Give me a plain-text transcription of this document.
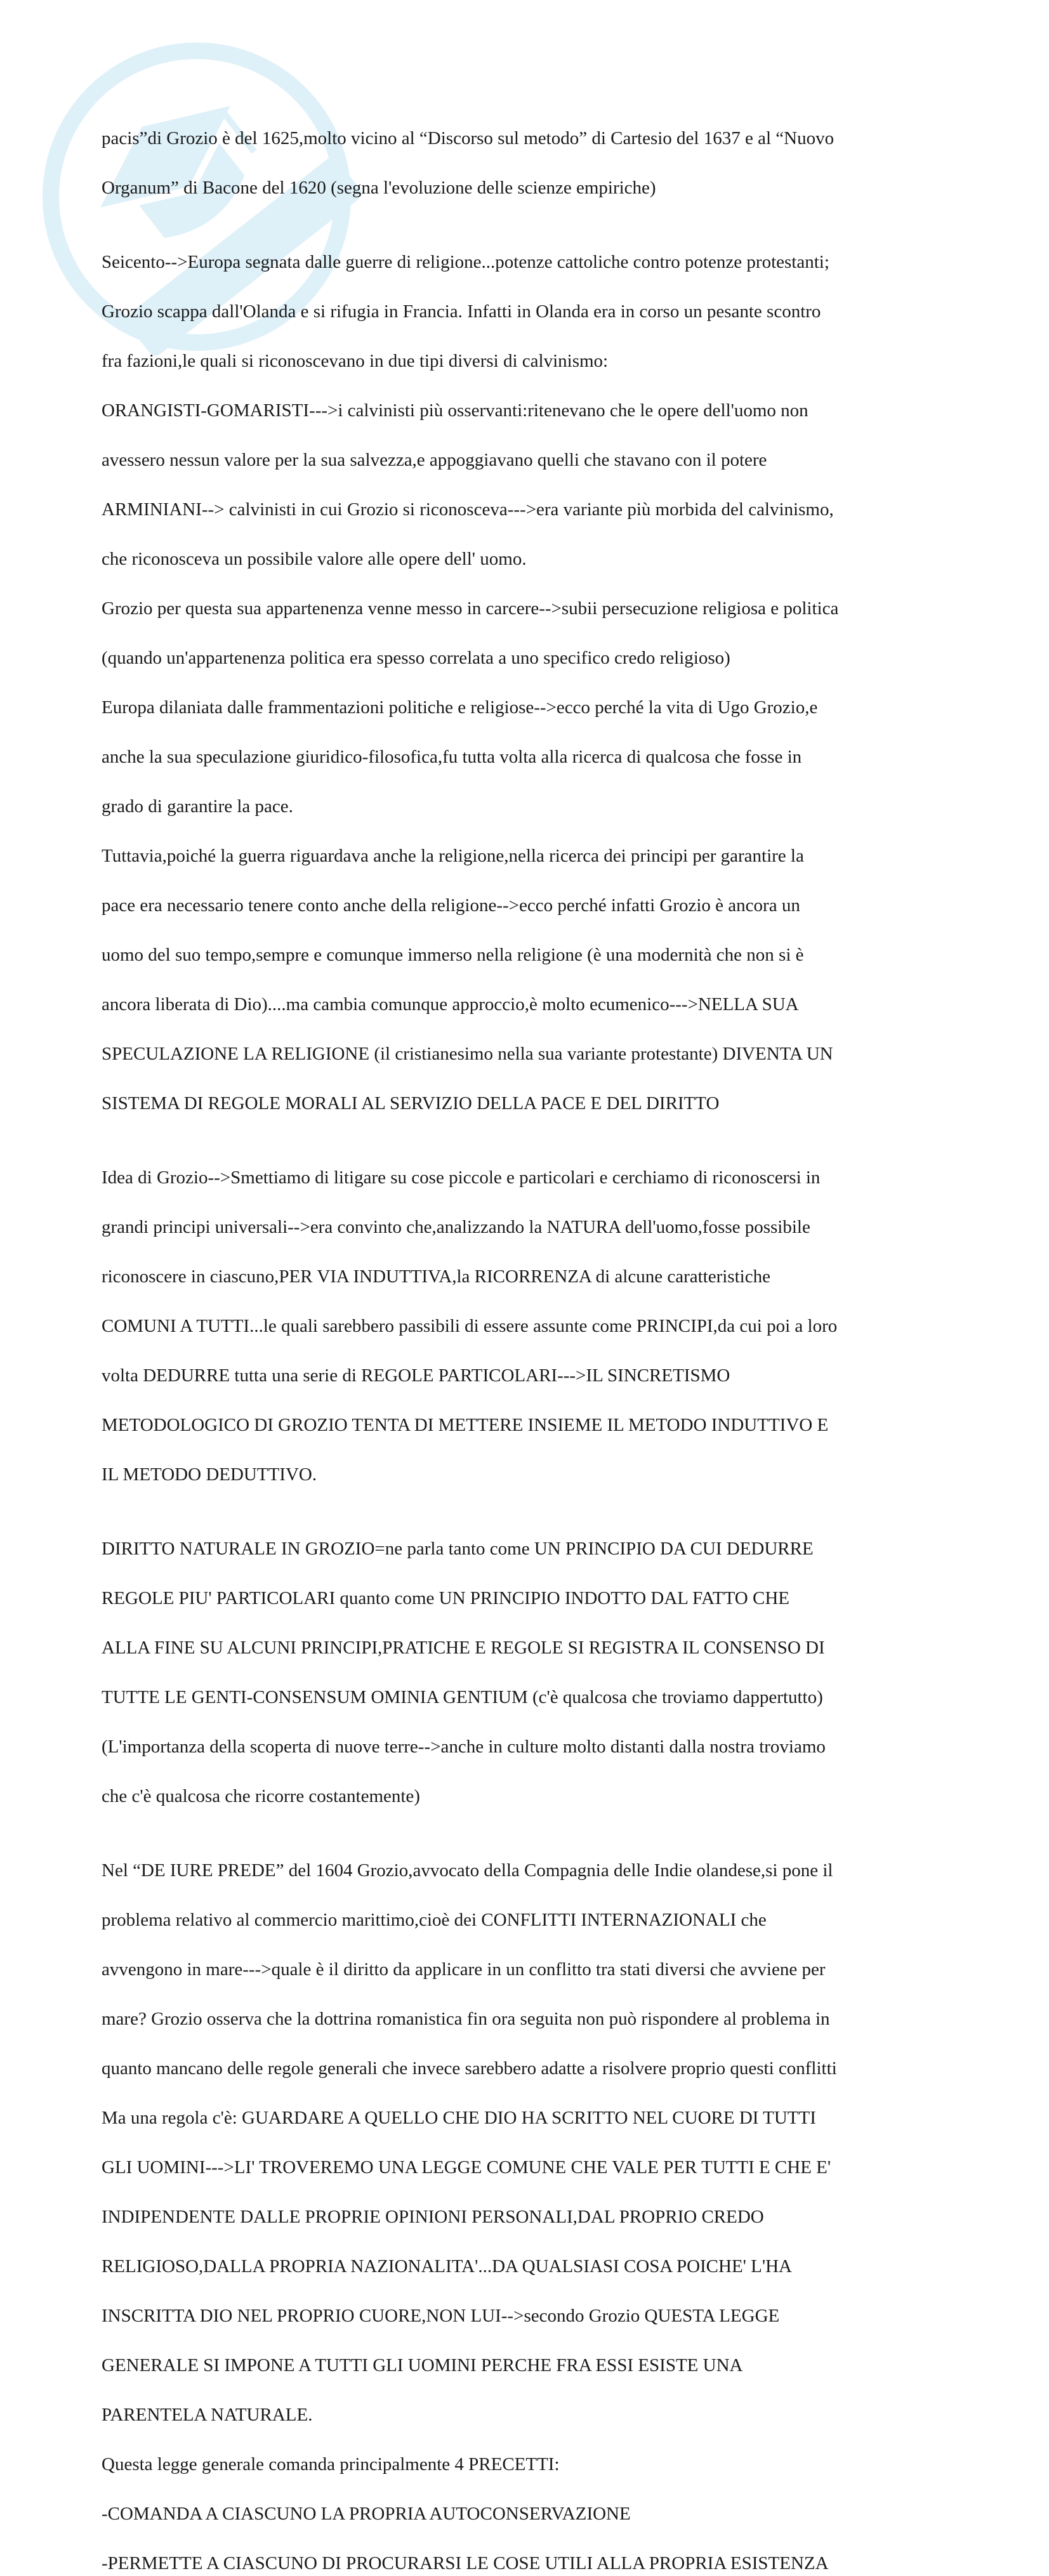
pacis”di Grozio è del 1625,molto vicino al “Discorso sul metodo” di Cartesio del 1637 e al “Nuovo

Organum” di Bacone del 1620 (segna l'evoluzione delle scienze empiriche)

Seicento-->Europa segnata dalle guerre di religione...potenze cattoliche contro potenze protestanti;

Grozio scappa dall'Olanda e si rifugia in Francia. Infatti in Olanda era in corso un pesante scontro

fra fazioni,le quali si riconoscevano in due tipi diversi di calvinismo:

ORANGISTI-GOMARISTI--->i calvinisti più osservanti:ritenevano che le opere dell'uomo non

avessero nessun valore per la sua salvezza,e appoggiavano quelli che stavano con il potere

ARMINIANI--> calvinisti in cui Grozio si riconosceva--->era variante più morbida del calvinismo,

che riconosceva un possibile valore alle opere dell' uomo.

Grozio per questa sua appartenenza venne messo in carcere-->subii persecuzione religiosa e politica

(quando un'appartenenza politica era spesso correlata a uno specifico credo religioso)

Europa dilaniata dalle frammentazioni politiche e religiose-->ecco perché la vita di Ugo Grozio,e

anche la sua speculazione giuridico-filosofica,fu tutta volta alla ricerca di qualcosa che fosse in

grado di garantire la pace.

Tuttavia,poiché la guerra riguardava anche la religione,nella ricerca dei principi per garantire la

pace era necessario tenere conto anche della religione-->ecco perché infatti Grozio è ancora un

uomo del suo tempo,sempre e comunque immerso nella religione (è una modernità che non si è

ancora liberata di Dio)....ma cambia comunque approccio,è molto ecumenico--->NELLA SUA

SPECULAZIONE LA RELIGIONE (il cristianesimo nella sua variante protestante) DIVENTA UN

SISTEMA DI REGOLE MORALI AL SERVIZIO DELLA PACE E DEL DIRITTO

Idea di Grozio-->Smettiamo di litigare su cose piccole e particolari e cerchiamo di riconoscersi in

grandi principi universali-->era convinto che,analizzando la NATURA dell'uomo,fosse possibile

riconoscere in ciascuno,PER VIA INDUTTIVA,la RICORRENZA di alcune caratteristiche

COMUNI A TUTTI...le quali sarebbero passibili di essere assunte come PRINCIPI,da cui poi a loro

volta DEDURRE tutta una serie di REGOLE PARTICOLARI--->IL SINCRETISMO

METODOLOGICO DI GROZIO TENTA DI METTERE INSIEME IL METODO INDUTTIVO E

IL METODO DEDUTTIVO.

DIRITTO NATURALE IN GROZIO=ne parla tanto come UN PRINCIPIO DA CUI DEDURRE

REGOLE PIU' PARTICOLARI quanto come UN PRINCIPIO INDOTTO DAL FATTO CHE

ALLA FINE SU ALCUNI PRINCIPI,PRATICHE E REGOLE SI REGISTRA IL CONSENSO DI

TUTTE LE GENTI-CONSENSUM OMINIA GENTIUM (c'è qualcosa che troviamo dappertutto)

(L'importanza della scoperta di nuove terre-->anche in culture molto distanti dalla nostra troviamo

che c'è qualcosa che ricorre costantemente)

Nel “DE IURE PREDE” del 1604 Grozio,avvocato della Compagnia delle Indie olandese,si pone il

problema relativo al commercio marittimo,cioè dei CONFLITTI INTERNAZIONALI che

avvengono in mare--->quale è il diritto da applicare in un conflitto tra stati diversi che avviene per

mare? Grozio osserva che la dottrina romanistica fin ora seguita non può rispondere al problema in

quanto mancano delle regole generali che invece sarebbero adatte a risolvere proprio questi conflitti

Ma una regola c'è: GUARDARE A QUELLO CHE DIO HA SCRITTO NEL CUORE DI TUTTI

GLI UOMINI--->LI' TROVEREMO UNA LEGGE COMUNE CHE VALE PER TUTTI E CHE E'

INDIPENDENTE DALLE PROPRIE OPINIONI PERSONALI,DAL PROPRIO CREDO

RELIGIOSO,DALLA PROPRIA NAZIONALITA'...DA QUALSIASI COSA POICHE' L'HA

INSCRITTA DIO NEL PROPRIO CUORE,NON LUI-->secondo Grozio QUESTA LEGGE

GENERALE SI IMPONE A TUTTI GLI UOMINI PERCHE FRA ESSI ESISTE UNA

PARENTELA NATURALE.

Questa legge generale comanda principalmente 4 PRECETTI:

-COMANDA A CIASCUNO LA PROPRIA AUTOCONSERVAZIONE

-PERMETTE A CIASCUNO DI PROCURARSI LE COSE UTILI ALLA PROPRIA ESISTENZA
